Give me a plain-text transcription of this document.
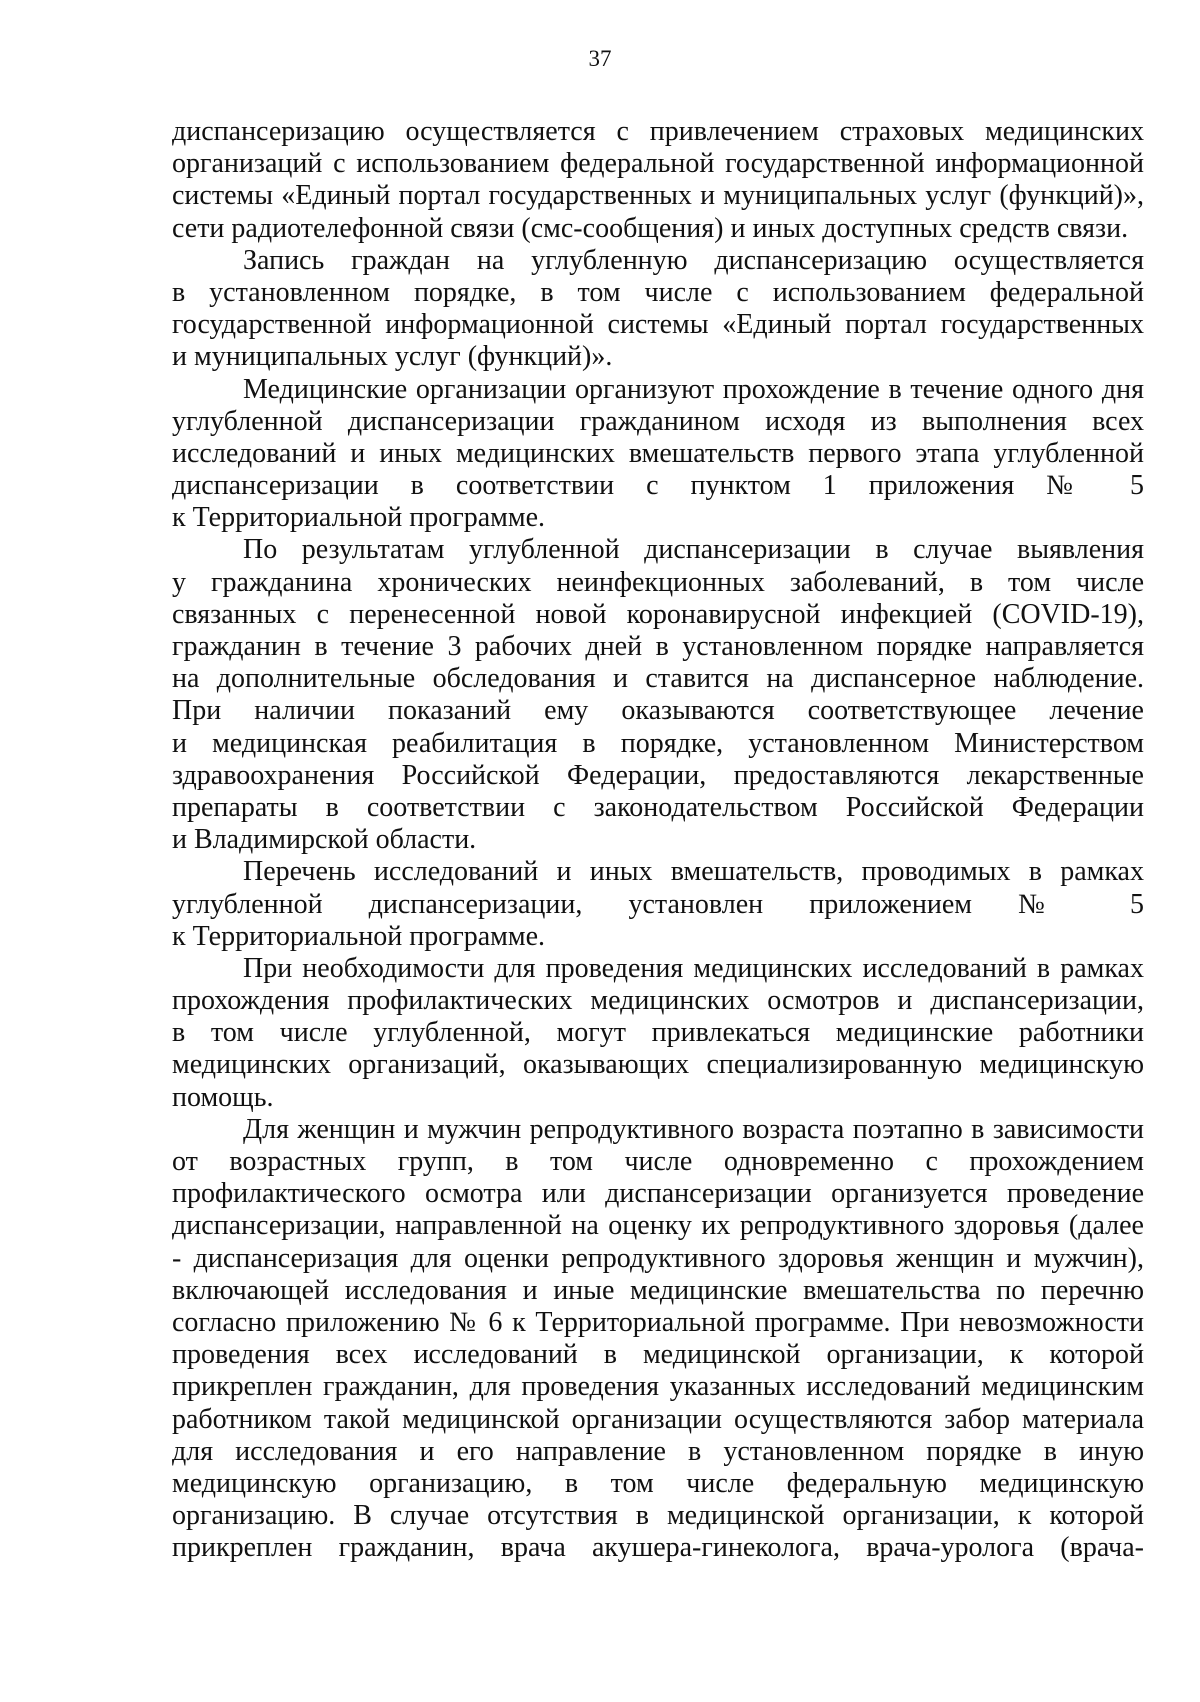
37
диспансеризацию осуществляется с привлечением страховых медицинских
организаций с использованием федеральной государственной информационной
системы «Единый портал государственных и муниципальных услуг (функций)»,
сети радиотелефонной связи (смс-сообщения) и иных доступных средств связи.
Запись граждан на углубленную диспансеризацию осуществляется
в установленном порядке, в том числе с использованием федеральной
государственной информационной системы «Единый портал государственных
и муниципальных услуг (функций)».
Медицинские организации организуют прохождение в течение одного дня
углубленной диспансеризации гражданином исходя из выполнения всех
исследований и иных медицинских вмешательств первого этапа углубленной
диспансеризации в соответствии с пунктом 1 приложения № 5
к Территориальной программе.
По результатам углубленной диспансеризации в случае выявления
у гражданина хронических неинфекционных заболеваний, в том числе
связанных с перенесенной новой коронавирусной инфекцией (COVID-19),
гражданин в течение 3 рабочих дней в установленном порядке направляется
на дополнительные обследования и ставится на диспансерное наблюдение.
При наличии показаний ему оказываются соответствующее лечение
и медицинская реабилитация в порядке, установленном Министерством
здравоохранения Российской Федерации, предоставляются лекарственные
препараты в соответствии с законодательством Российской Федерации
и Владимирской области.
Перечень исследований и иных вмешательств, проводимых в рамках
углубленной диспансеризации, установлен приложением № 5
к Территориальной программе.
При необходимости для проведения медицинских исследований в рамках
прохождения профилактических медицинских осмотров и диспансеризации,
в том числе углубленной, могут привлекаться медицинские работники
медицинских организаций, оказывающих специализированную медицинскую
помощь.
Для женщин и мужчин репродуктивного возраста поэтапно в зависимости
от возрастных групп, в том числе одновременно с прохождением
профилактического осмотра или диспансеризации организуется проведение
диспансеризации, направленной на оценку их репродуктивного здоровья (далее
- диспансеризация для оценки репродуктивного здоровья женщин и мужчин),
включающей исследования и иные медицинские вмешательства по перечню
согласно приложению № 6 к Территориальной программе. При невозможности
проведения всех исследований в медицинской организации, к которой
прикреплен гражданин, для проведения указанных исследований медицинским
работником такой медицинской организации осуществляются забор материала
для исследования и его направление в установленном порядке в иную
медицинскую организацию, в том числе федеральную медицинскую
организацию. В случае отсутствия в медицинской организации, к которой
прикреплен гражданин, врача акушера-гинеколога, врача-уролога (врача-
